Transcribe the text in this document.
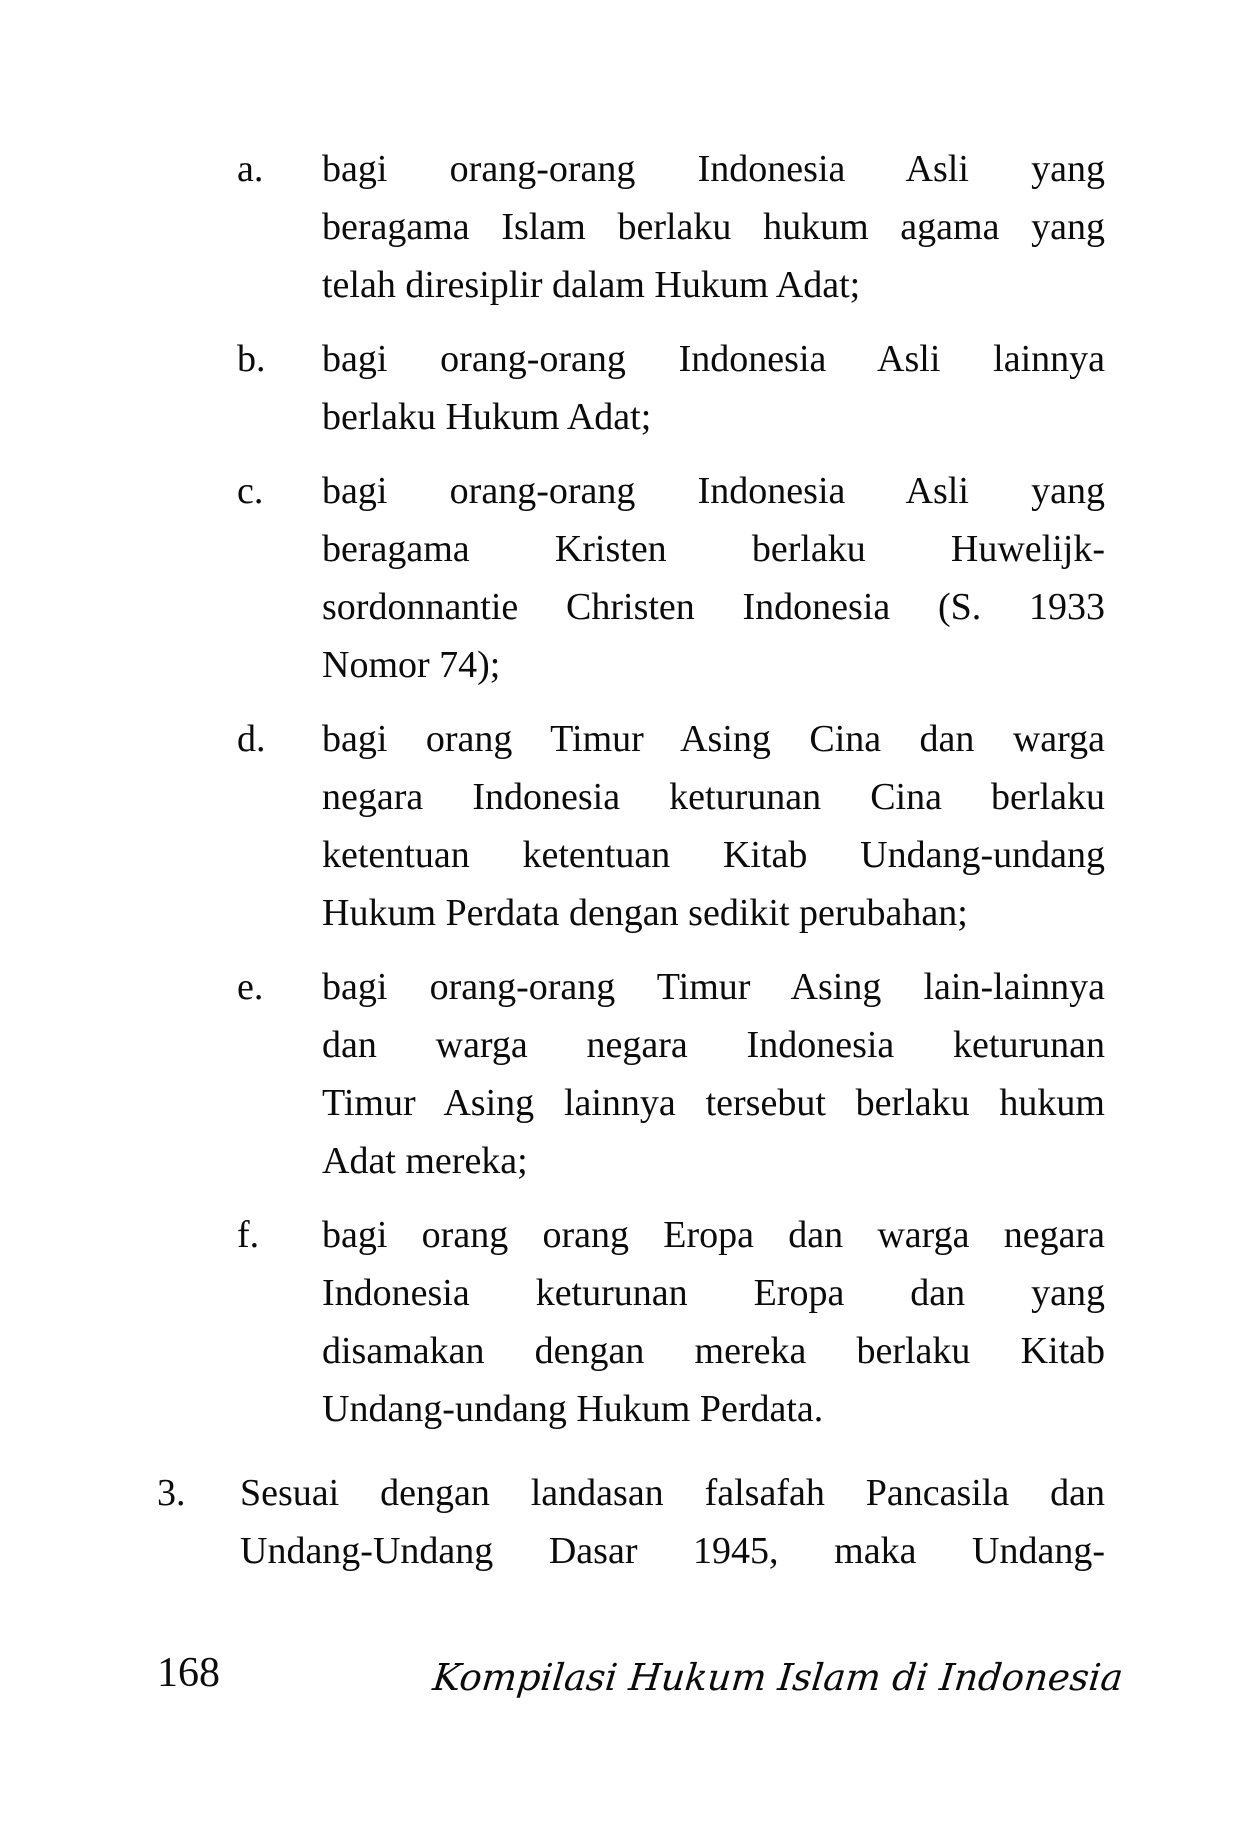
a.	bagi orang-orang Indonesia Asli yang
beragama Islam berlaku hukum agama yang
telah diresiplir dalam Hukum Adat;
b.	bagi orang-orang Indonesia Asli lainnya
berlaku Hukum Adat;
c.	bagi orang-orang Indonesia Asli yang
beragama Kristen berlaku Huwelijk-
sordonnantie Christen Indonesia (S. 1933
Nomor 74);
d.	bagi orang Timur Asing Cina dan warga
negara Indonesia keturunan Cina berlaku
ketentuan ketentuan Kitab Undang-undang
Hukum Perdata dengan sedikit perubahan;
e.	bagi orang-orang Timur Asing lain-lainnya
dan warga negara Indonesia keturunan
Timur Asing lainnya tersebut berlaku hukum
Adat mereka;
f.	bagi orang orang Eropa dan warga negara
Indonesia keturunan Eropa dan yang
disamakan dengan mereka berlaku Kitab
Undang-undang Hukum Perdata.
3.	Sesuai dengan landasan falsafah Pancasila dan
Undang-Undang Dasar 1945, maka Undang-
168	Kompilasi Hukum Islam di Indonesia
